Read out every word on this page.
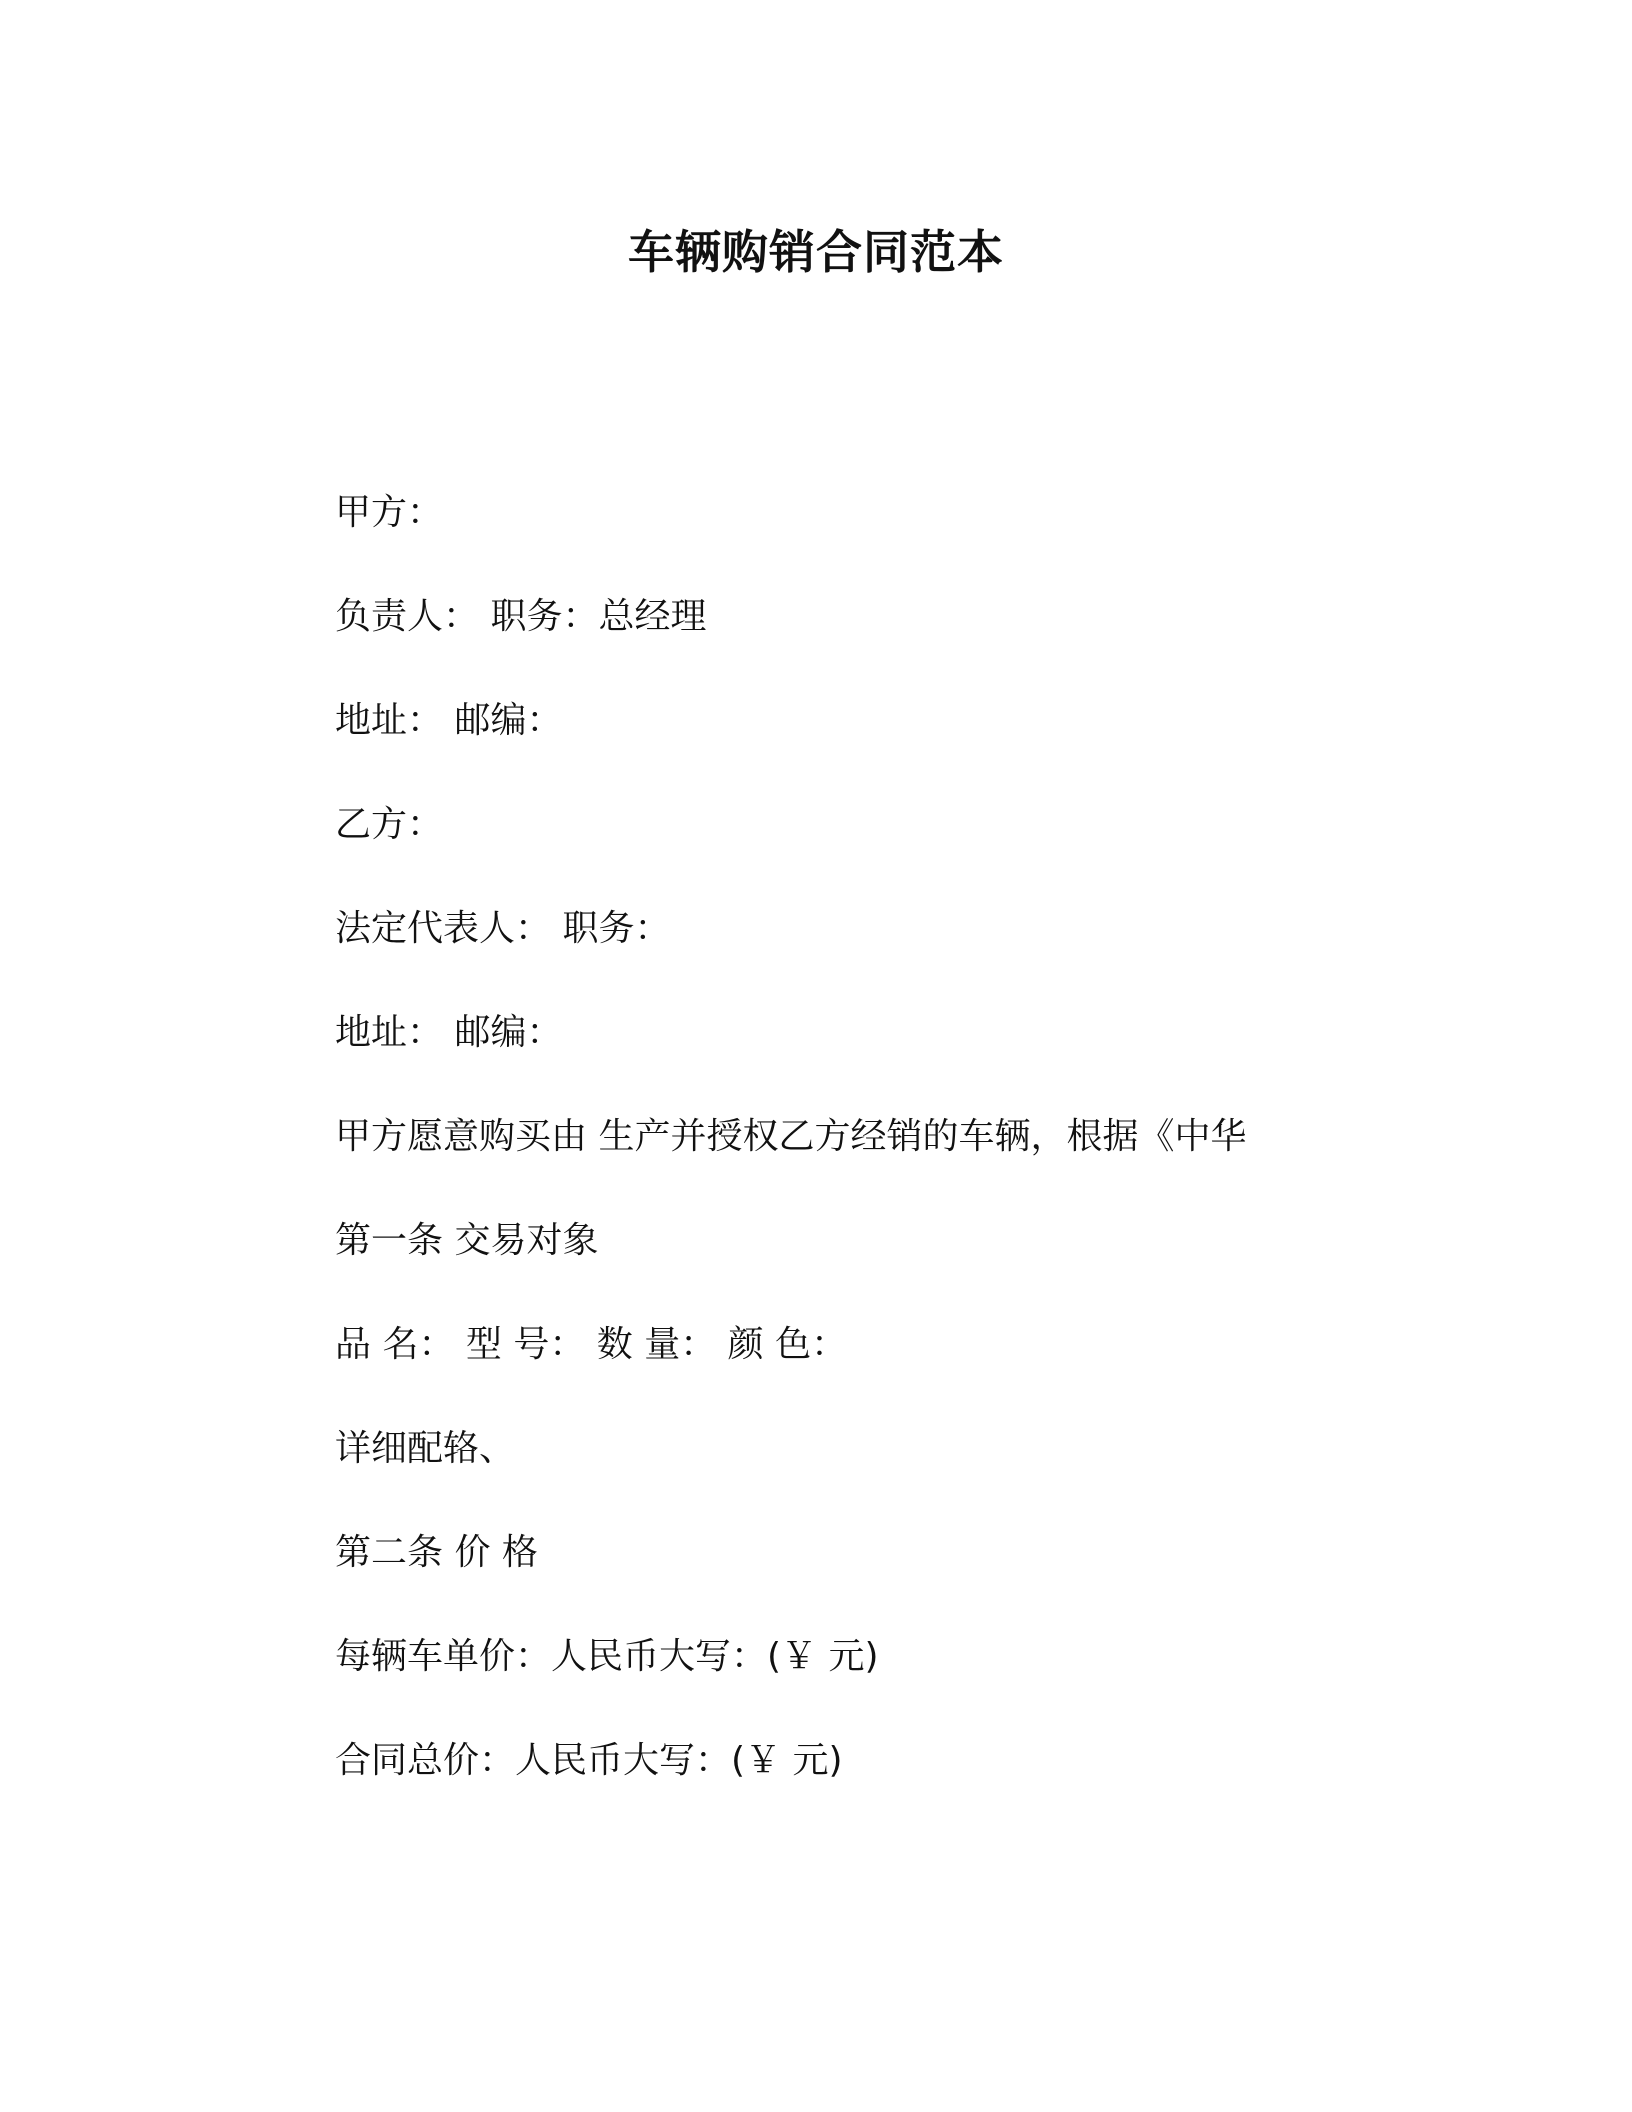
车辆购销合同范本
甲方：
负责人： 职务：总经理
地址： 邮编：
乙方：
法定代表人： 职务：
地址： 邮编：
甲方愿意购买由 生产并授权乙方经销的车辆，根据《中华
第一条 交易对象
品 名： 型 号： 数 量： 颜 色：
详细配辂、
第二条 价 格
每辆车单价：人民币大写：(￥ 元)
合同总价：人民币大写：(￥ 元)
